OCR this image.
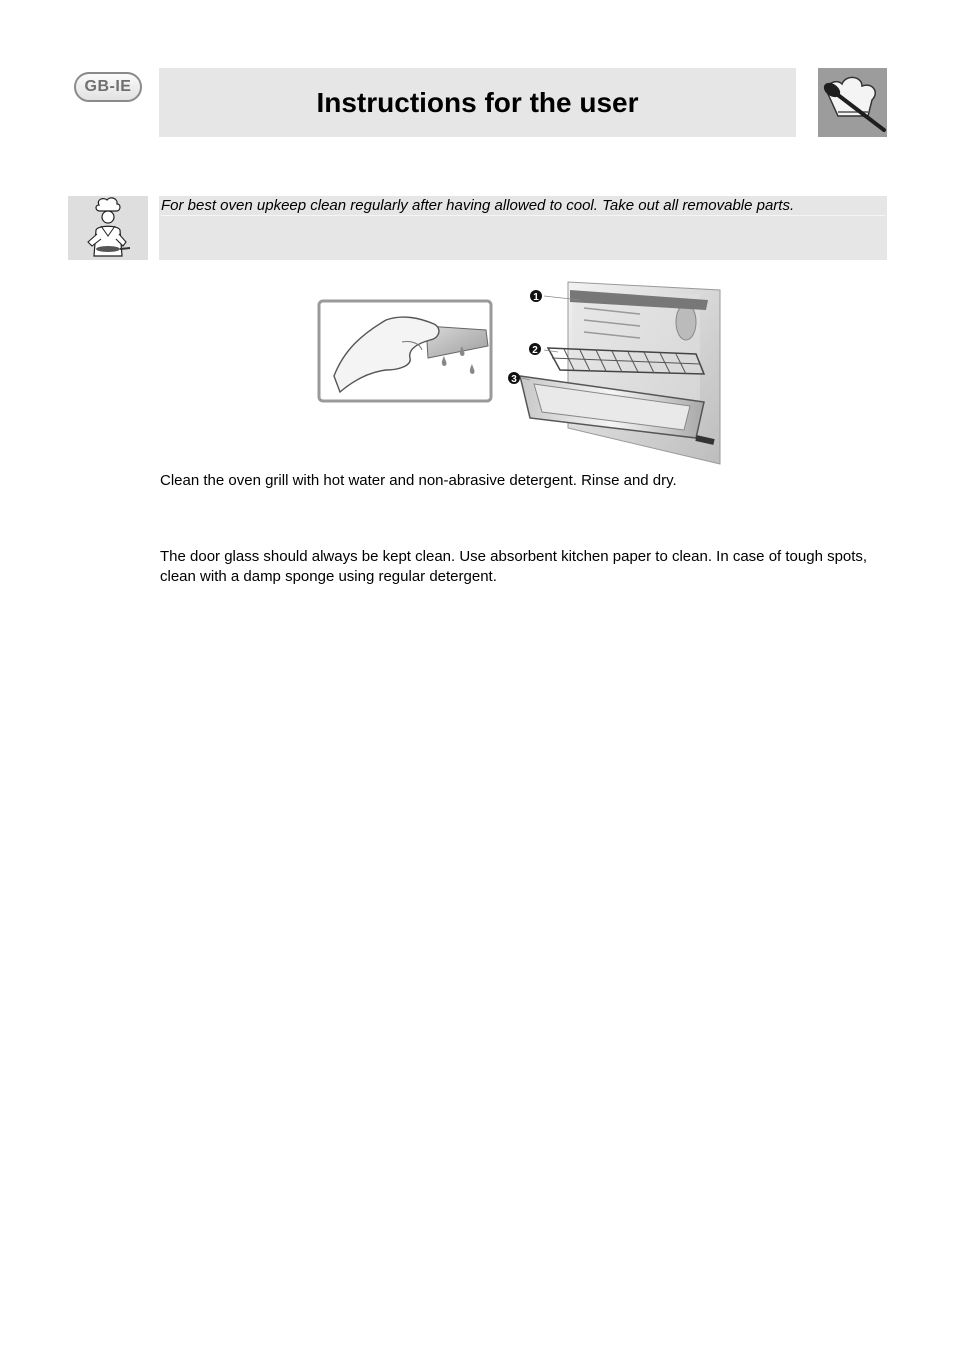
GB-IE	Instructions for the user

For best oven upkeep clean regularly after having allowed to cool. Take out all removable parts.

1
2
3

Clean the oven grill with hot water and non-abrasive detergent. Rinse and dry.

The door glass should always be kept clean. Use absorbent kitchen paper to clean. In case of tough spots, clean with a damp sponge using regular detergent.
